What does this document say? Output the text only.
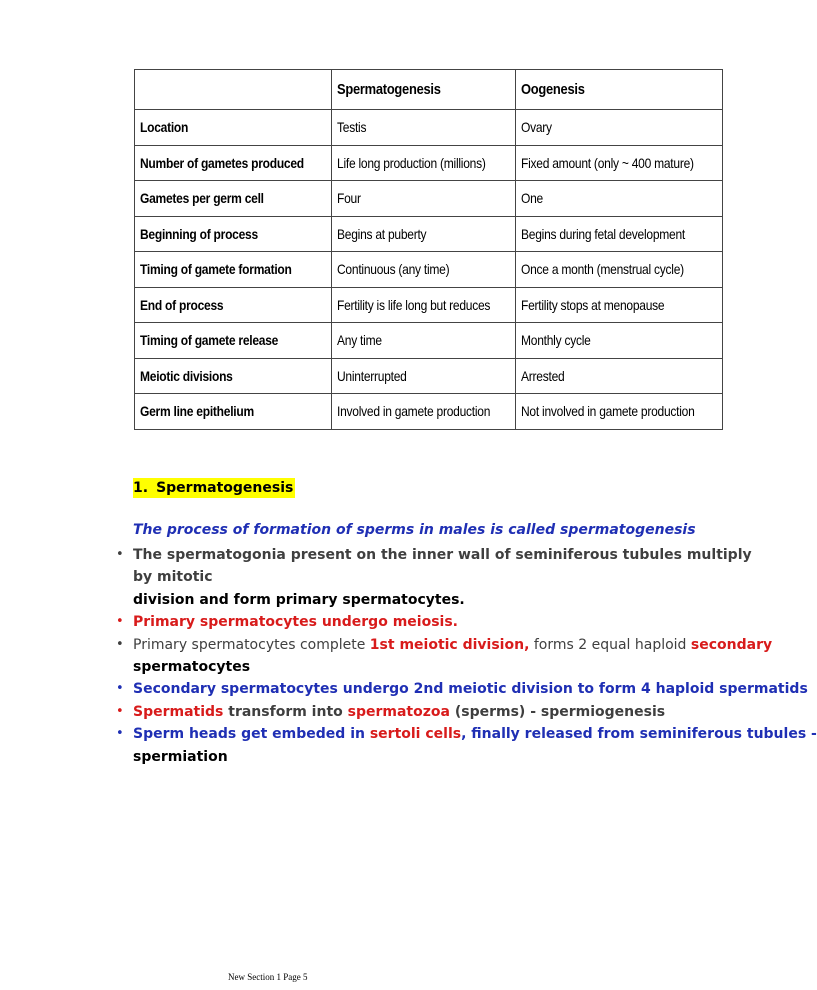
	Spermatogenesis	Oogenesis
Location	Testis	Ovary
Number of gametes produced	Life long production (millions)	Fixed amount (only ~ 400 mature)
Gametes per germ cell	Four	One
Beginning of process	Begins at puberty	Begins during fetal development
Timing of gamete formation	Continuous (any time)	Once a month (menstrual cycle)
End of process	Fertility is life long but reduces	Fertility stops at menopause
Timing of gamete release	Any time	Monthly cycle
Meiotic divisions	Uninterrupted	Arrested
Germ line epithelium	Involved in gamete production	Not involved in gamete production
1. Spermatogenesis
The process of formation of sperms in males is called spermatogenesis
• The spermatogonia present on the inner wall of seminiferous tubules multiply by mitotic
division and form primary spermatocytes.
• Primary spermatocytes undergo meiosis.
• Primary spermatocytes complete 1st meiotic division, forms 2 equal haploid secondary
spermatocytes
• Secondary spermatocytes undergo 2nd meiotic division to form 4 haploid spermatids
• Spermatids transform into spermatozoa (sperms) - spermiogenesis
• Sperm heads get embeded in sertoli cells, finally released from seminiferous tubules -
spermiation
New Section 1 Page 5
